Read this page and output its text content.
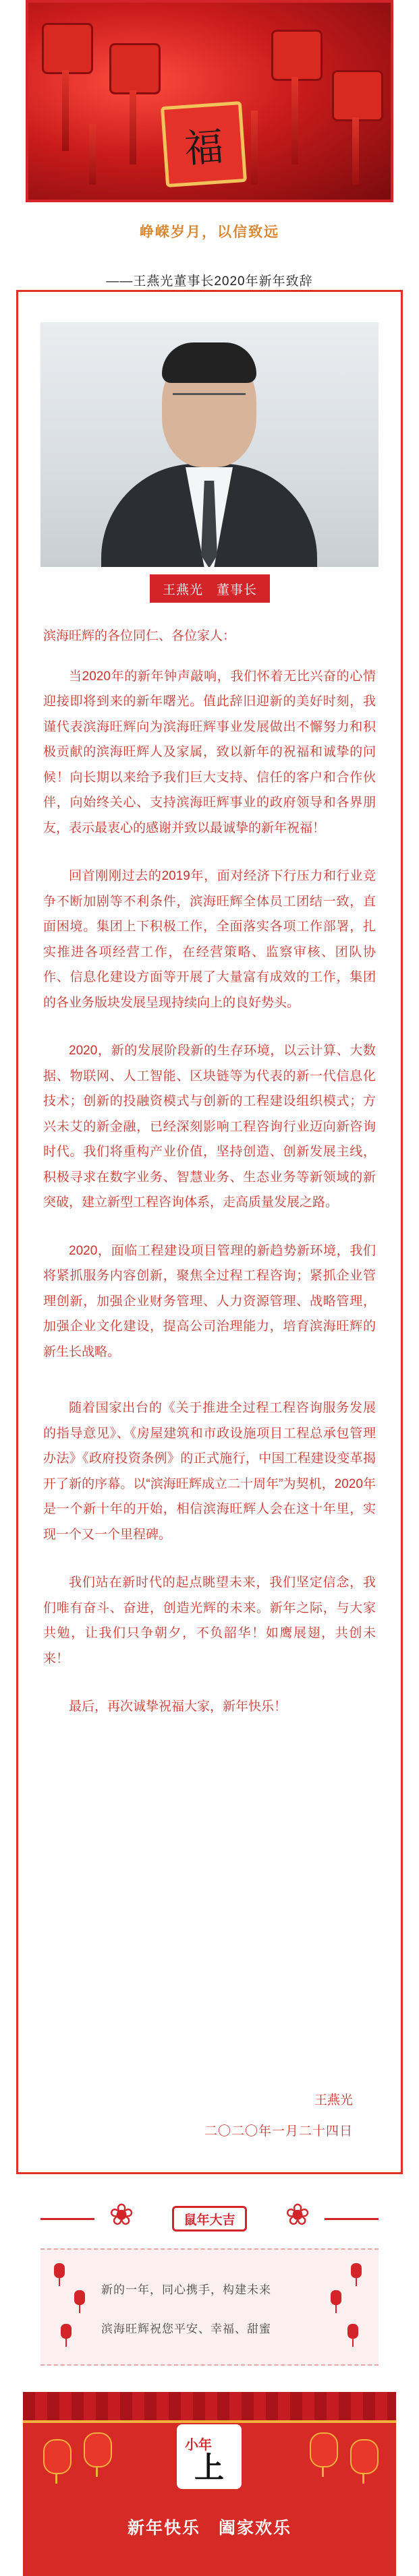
福
峥嵘岁月，以信致远
——王燕光董事长2020年新年致辞
王燕光　董事长

滨海旺辉的各位同仁、各位家人：

当2020年的新年钟声敲响，我们怀着无比兴奋的心情迎接即将到来的新年曙光。值此辞旧迎新的美好时刻，我谨代表滨海旺辉向为滨海旺辉事业发展做出不懈努力和积极贡献的滨海旺辉人及家属，致以新年的祝福和诚挚的问候！向长期以来给予我们巨大支持、信任的客户和合作伙伴，向始终关心、支持滨海旺辉事业的政府领导和各界朋友，表示最衷心的感谢并致以最诚挚的新年祝福！

回首刚刚过去的2019年，面对经济下行压力和行业竞争不断加剧等不利条件，滨海旺辉全体员工团结一致，直面困境。集团上下积极工作，全面落实各项工作部署，扎实推进各项经营工作，在经营策略、监察审核、团队协作、信息化建设方面等开展了大量富有成效的工作，集团的各业务版块发展呈现持续向上的良好势头。

2020，新的发展阶段新的生存环境，以云计算、大数据、物联网、人工智能、区块链等为代表的新一代信息化技术；创新的投融资模式与创新的工程建设组织模式；方兴未艾的新金融，已经深刻影响工程咨询行业迈向新咨询时代。我们将重构产业价值，坚持创造、创新发展主线，积极寻求在数字业务、智慧业务、生态业务等新领域的新突破，建立新型工程咨询体系，走高质量发展之路。

2020，面临工程建设项目管理的新趋势新环境，我们将紧抓服务内容创新，聚焦全过程工程咨询；紧抓企业管理创新，加强企业财务管理、人力资源管理、战略管理，加强企业文化建设，提高公司治理能力，培育滨海旺辉的新生长战略。

随着国家出台的《关于推进全过程工程咨询服务发展的指导意见》、《房屋建筑和市政设施项目工程总承包管理办法》《政府投资条例》的正式施行，中国工程建设变革揭开了新的序幕。以“滨海旺辉成立二十周年”为契机，2020年是一个新十年的开始，相信滨海旺辉人会在这十年里，实现一个又一个里程碑。

我们站在新时代的起点眺望未来，我们坚定信念，我们唯有奋斗、奋进，创造光辉的未来。新年之际，与大家共勉，让我们只争朝夕，不负韶华！如鹰展翅，共创未来！

最后，再次诚挚祝福大家，新年快乐！

王燕光
二〇二〇年一月二十四日
❀	❀
鼠年大吉
新的一年，同心携手，构建未来
滨海旺辉祝您平安、幸福、甜蜜
小年
上
新年快乐　阖家欢乐
